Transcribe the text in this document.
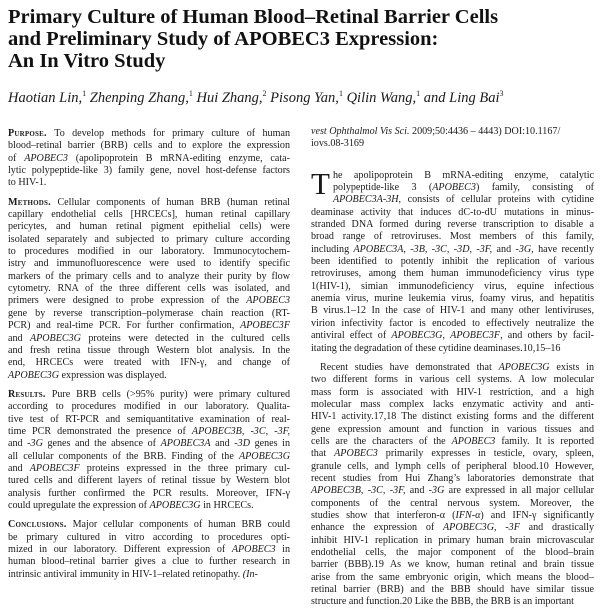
Primary Culture of Human Blood–Retinal Barrier Cells
and Preliminary Study of APOBEC3 Expression:
An In Vitro Study

Haotian Lin,$^1$ Zhenping Zhang,$^1$ Hui Zhang,$^2$ Pisong Yan,$^1$ Qilin Wang,$^1$ and Ling Bai$^3$

Purpose. To develop methods for primary culture of human
blood–retinal barrier (BRB) cells and to explore the expression
of APOBEC3 (apolipoprotein B mRNA-editing enzyme, cata-
lytic polypeptide-like 3) family gene, novel host-defense factors
to HIV-1.
Methods. Cellular components of human BRB (human retinal
capillary endothelial cells [HRCECs], human retinal capillary
pericytes, and human retinal pigment epithelial cells) were
isolated separately and subjected to primary culture according
to procedures modified in our laboratory. Immunocytochem-
istry and immunofluorescence were used to identify specific
markers of the primary cells and to analyze their purity by flow
cytometry. RNA of the three different cells was isolated, and
primers were designed to probe expression of the APOBEC3
gene by reverse transcription–polymerase chain reaction (RT-
PCR) and real-time PCR. For further confirmation, APOBEC3F
and APOBEC3G proteins were detected in the cultured cells
and fresh retina tissue through Western blot analysis. In the
end, HRCECs were treated with IFN-γ, and change of
APOBEC3G expression was displayed.
Results. Pure BRB cells (>95% purity) were primary cultured
according to procedures modified in our laboratory. Qualita-
tive test of RT-PCR and semiquantitative examination of real-
time PCR demonstrated the presence of APOBEC3B, -3C, -3F,
and -3G genes and the absence of APOBEC3A and -3D genes in
all cellular components of the BRB. Finding of the APOBEC3G
and APOBEC3F proteins expressed in the three primary cul-
tured cells and different layers of retinal tissue by Western blot
analysis further confirmed the PCR results. Moreover, IFN-γ
could upregulate the expression of APOBEC3G in HRCECs.
Conclusions. Major cellular components of human BRB could
be primary cultured in vitro according to procedures opti-
mized in our laboratory. Different expression of APOBEC3 in
human blood–retinal barrier gives a clue to further research in
intrinsic antiviral immunity in HIV-1–related retinopathy. (In-
vest Ophthalmol Vis Sci. 2009;50:4436 – 4443) DOI:10.1167/
iovs.08-3169
T he apolipoprotein B mRNA-editing enzyme, catalytic
polypeptide-like 3 (APOBEC3) family, consisting of
APOBEC3A-3H, consists of cellular proteins with cytidine
deaminase activity that induces dC-to-dU mutations in minus-
stranded DNA formed during reverse transcription to disable a
broad range of retroviruses. Most members of this family,
including APOBEC3A, -3B, -3C, -3D, -3F, and -3G, have recently
been identified to potently inhibit the replication of various
retroviruses, among them human immunodeficiency virus type
1(HIV-1), simian immunodeficiency virus, equine infectious
anemia virus, murine leukemia virus, foamy virus, and hepatitis
B virus.1–12 In the case of HIV-1 and many other lentiviruses,
virion infectivity factor is encoded to effectively neutralize the
antiviral effect of APOBEC3G, APOBEC3F, and others by facil-
itating the degradation of these cytidine deaminases.10,15–16
Recent studies have demonstrated that APOBEC3G exists in
two different forms in various cell systems. A low molecular
mass form is associated with HIV-1 restriction, and a high
molecular mass complex lacks enzymatic activity and anti-
HIV-1 activity.17,18 The distinct existing forms and the different
gene expression amount and function in various tissues and
cells are the characters of the APOBEC3 family. It is reported
that APOBEC3 primarily expresses in testicle, ovary, spleen,
granule cells, and lymph cells of peripheral blood.10 However,
recent studies from Hui Zhang’s laboratories demonstrate that
APOBEC3B, -3C, -3F, and -3G are expressed in all major cellular
components of the central nervous system. Moreover, the
studies show that interferon-α (IFN-α) and IFN-γ significantly
enhance the expression of APOBEC3G, -3F and drastically
inhibit HIV-1 replication in primary human brain microvascular
endothelial cells, the major component of the blood–brain
barrier (BBB).19 As we know, human retinal and brain tissue
arise from the same embryonic origin, which means the blood–
retinal barrier (BRB) and the BBB should have similar tissue
structure and function.20 Like the BBB, the BRB is an important
